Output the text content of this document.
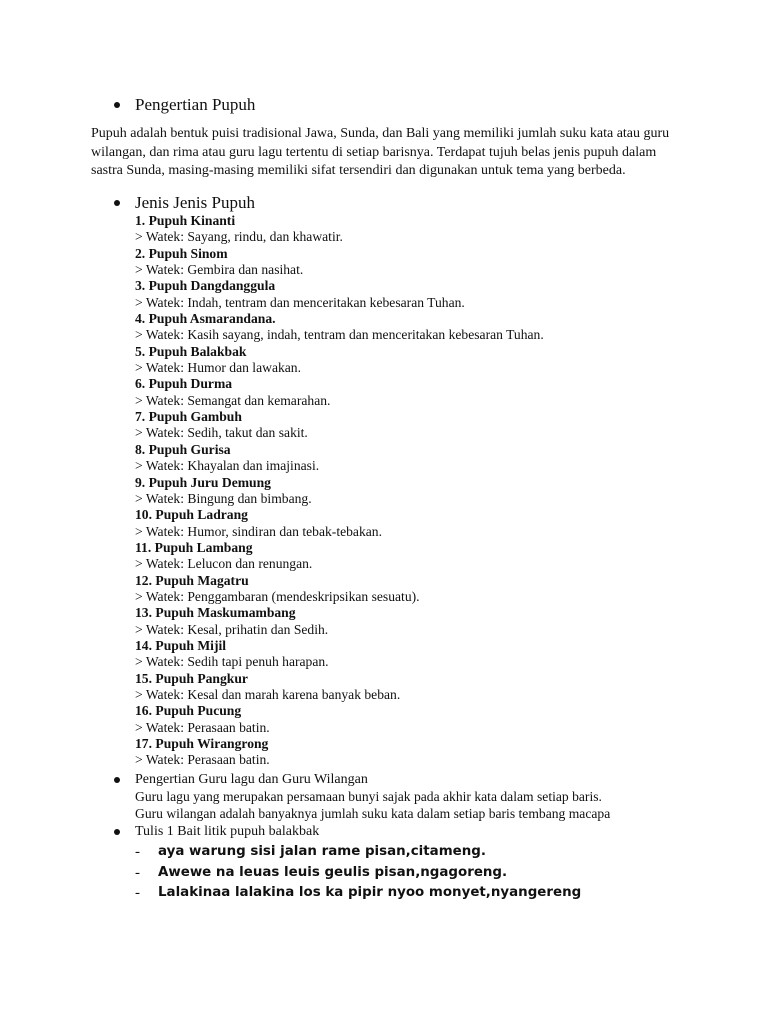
Pengertian Pupuh
Pupuh adalah bentuk puisi tradisional Jawa, Sunda, dan Bali yang memiliki jumlah suku kata atau guru
wilangan, dan rima atau guru lagu tertentu di setiap barisnya. Terdapat tujuh belas jenis pupuh dalam
sastra Sunda, masing-masing memiliki sifat tersendiri dan digunakan untuk tema yang berbeda.
Jenis Jenis Pupuh
1. Pupuh Kinanti
> Watek: Sayang, rindu, dan khawatir.
2. Pupuh Sinom
> Watek: Gembira dan nasihat.
3. Pupuh Dangdanggula
> Watek: Indah, tentram dan menceritakan kebesaran Tuhan.
4. Pupuh Asmarandana.
> Watek: Kasih sayang, indah, tentram dan menceritakan kebesaran Tuhan.
5. Pupuh Balakbak
> Watek: Humor dan lawakan.
6. Pupuh Durma
> Watek: Semangat dan kemarahan.
7. Pupuh Gambuh
> Watek: Sedih, takut dan sakit.
8. Pupuh Gurisa
> Watek: Khayalan dan imajinasi.
9. Pupuh Juru Demung
> Watek: Bingung dan bimbang.
10. Pupuh Ladrang
> Watek: Humor, sindiran dan tebak-tebakan.
11. Pupuh Lambang
> Watek: Lelucon dan renungan.
12. Pupuh Magatru
> Watek: Penggambaran (mendeskripsikan sesuatu).
13. Pupuh Maskumambang
> Watek: Kesal, prihatin dan Sedih.
14. Pupuh Mijil
> Watek: Sedih tapi penuh harapan.
15. Pupuh Pangkur
> Watek: Kesal dan marah karena banyak beban.
16. Pupuh Pucung
> Watek: Perasaan batin.
17. Pupuh Wirangrong
> Watek: Perasaan batin.
Pengertian Guru lagu dan Guru Wilangan
Guru lagu yang merupakan persamaan bunyi sajak pada akhir kata dalam setiap baris.
Guru wilangan adalah banyaknya jumlah suku kata dalam setiap baris tembang macapa
Tulis 1 Bait litik pupuh balakbak
- aya warung sisi jalan rame pisan,citameng.
- Awewe na leuas leuis geulis pisan,ngagoreng.
- Lalakinaa lalakina los ka pipir nyoo monyet,nyangereng
